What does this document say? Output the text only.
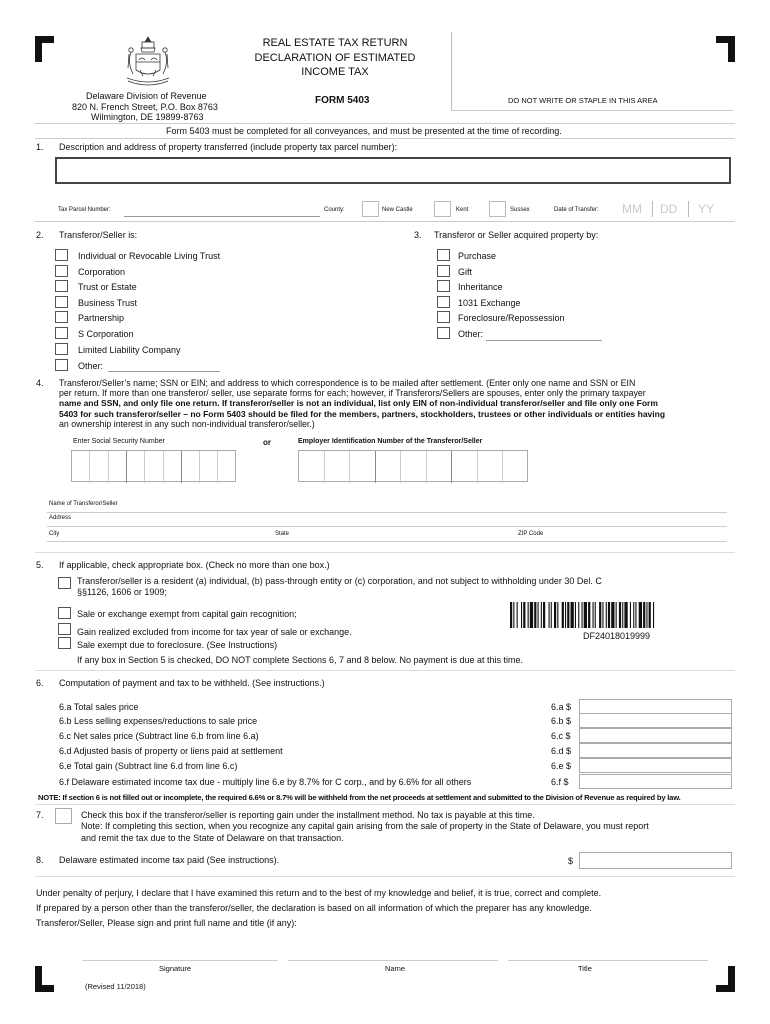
Delaware Division of Revenue
820 N. French Street, P.O. Box 8763
Wilmington, DE 19899-8763
REAL ESTATE TAX RETURN
DECLARATION OF ESTIMATED
INCOME TAX
FORM 5403	DO NOT WRITE OR STAPLE IN THIS AREA
Form 5403 must be completed for all conveyances, and must be presented at the time of recording.
1. Description and address of property transferred (include property tax parcel number):
Tax Parcel Number:	County:	New Castle	Kent	Sussex	Date of Transfer: MM DD YY
2. Transferor/Seller is:
Individual or Revocable Living Trust
Corporation
Trust or Estate
Business Trust
Partnership
S Corporation
Limited Liability Company
Other:
3. Transferor or Seller acquired property by:
Purchase
Gift
Inheritance
1031 Exchange
Foreclosure/Repossession
Other:
4. Transferor/Seller’s name; SSN or EIN; and address to which correspondence is to be mailed after settlement. (Enter only one name and SSN or EIN
per return. If more than one transferor/ seller, use separate forms for each; however, if Transferors/Sellers are spouses, enter only the primary taxpayer
name and SSN, and only file one return. If transferor/seller is not an individual, list only EIN of non-individual transferor/seller and file only one Form
5403 for such transferor/seller – no Form 5403 should be filed for the members, partners, stockholders, trustees or other individuals or entities having
an ownership interest in any such non-individual transferor/seller.)
Enter Social Security Number	or	Employer Identification Number of the Transferor/Seller
Name of Transferor/Seller
Address
City	State	ZIP Code
5. If applicable, check appropriate box. (Check no more than one box.)
Transferor/seller is a resident (a) individual, (b) pass-through entity or (c) corporation, and not subject to withholding under 30 Del. C
§§1126, 1606 or 1909;
Sale or exchange exempt from capital gain recognition;
Gain realized excluded from income for tax year of sale or exchange.
Sale exempt due to foreclosure. (See Instructions)
If any box in Section 5 is checked, DO NOT complete Sections 6, 7 and 8 below. No payment is due at this time.
DF24018019999
6. Computation of payment and tax to be withheld. (See instructions.)
6.a Total sales price	6.a $
6.b Less selling expenses/reductions to sale price	6.b $
6.c Net sales price (Subtract line 6.b from line 6.a)	6.c $
6.d Adjusted basis of property or liens paid at settlement	6.d $
6.e Total gain (Subtract line 6.d from line 6.c)	6.e $
6.f Delaware estimated income tax due - multiply line 6.e by 8.7% for C corp., and by 6.6% for all others	6.f $
NOTE: If section 6 is not filled out or incomplete, the required 6.6% or 8.7% will be withheld from the net proceeds at settlement and submitted to the Division of Revenue as required by law.
7.	Check this box if the transferor/seller is reporting gain under the installment method. No tax is payable at this time.
Note: If completing this section, when you recognize any capital gain arising from the sale of property in the State of Delaware, you must report
and remit the tax due to the State of Delaware on that transaction.
8. Delaware estimated income tax paid (See instructions).	$
Under penalty of perjury, I declare that I have examined this return and to the best of my knowledge and belief, it is true, correct and complete.
If prepared by a person other than the transferor/seller, the declaration is based on all information of which the preparer has any knowledge.
Transferor/Seller, Please sign and print full name and title (if any):
Signature	Name	Title
(Revised 11/2018)
